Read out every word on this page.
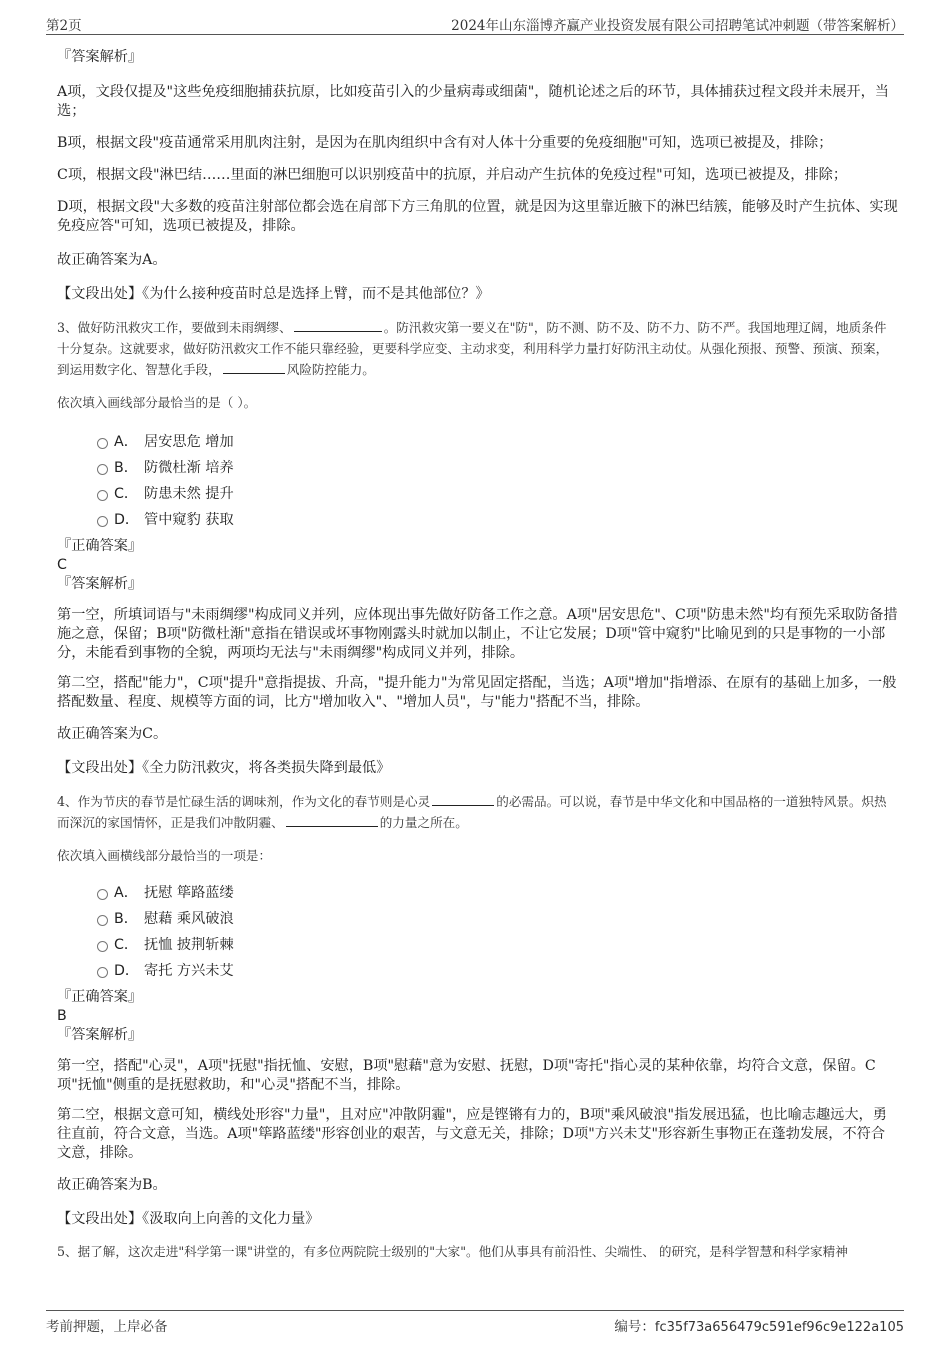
第2页	2024年山东淄博齐赢产业投资发展有限公司招聘笔试冲刺题（带答案解析）

『答案解析』

A项，文段仅提及"这些免疫细胞捕获抗原，比如疫苗引入的少量病毒或细菌"，随机论述之后的环节，具体捕获过程文段并未展开，当选；

B项，根据文段"疫苗通常采用肌肉注射，是因为在肌肉组织中含有对人体十分重要的免疫细胞"可知，选项已被提及，排除；

C项，根据文段"淋巴结……里面的淋巴细胞可以识别疫苗中的抗原，并启动产生抗体的免疫过程"可知，选项已被提及，排除；

D项，根据文段"大多数的疫苗注射部位都会选在肩部下方三角肌的位置，就是因为这里靠近腋下的淋巴结簇，能够及时产生抗体、实现免疫应答"可知，选项已被提及，排除。

故正确答案为A。

【文段出处】《为什么接种疫苗时总是选择上臂，而不是其他部位？》

3、做好防汛救灾工作，要做到未雨绸缪、	。防汛救灾第一要义在"防"，防不测、防不及、防不力、防不严。我国地理辽阔，地质条件十分复杂。这就要求，做好防汛救灾工作不能只靠经验，更要科学应变、主动求变，利用科学力量打好防汛主动仗。从强化预报、预警、预演、预案，到运用数字化、智慧化手段，	风险防控能力。

依次填入画线部分最恰当的是（ ）。

A． 居安思危 增加
B． 防微杜渐 培养
C． 防患未然 提升
D． 管中窥豹 获取

『正确答案』

C

『答案解析』

第一空，所填词语与"未雨绸缪"构成同义并列，应体现出事先做好防备工作之意。A项"居安思危"、C项"防患未然"均有预先采取防备措施之意，保留；B项"防微杜渐"意指在错误或坏事物刚露头时就加以制止，不让它发展；D项"管中窥豹"比喻见到的只是事物的一小部分，未能看到事物的全貌，两项均无法与"未雨绸缪"构成同义并列，排除。

第二空，搭配"能力"，C项"提升"意指提拔、升高，"提升能力"为常见固定搭配，当选；A项"增加"指增添、在原有的基础上加多，一般搭配数量、程度、规模等方面的词，比方"增加收入"、"增加人员"，与"能力"搭配不当，排除。

故正确答案为C。

【文段出处】《全力防汛救灾，将各类损失降到最低》

4、作为节庆的春节是忙碌生活的调味剂，作为文化的春节则是心灵	的必需品。可以说，春节是中华文化和中国品格的一道独特风景。炽热而深沉的家国情怀，正是我们冲散阴霾、	的力量之所在。

依次填入画横线部分最恰当的一项是：

A． 抚慰 筚路蓝缕
B． 慰藉 乘风破浪
C． 抚恤 披荆斩棘
D． 寄托 方兴未艾

『正确答案』

B

『答案解析』

第一空，搭配"心灵"，A项"抚慰"指抚恤、安慰，B项"慰藉"意为安慰、抚慰，D项"寄托"指心灵的某种依靠，均符合文意，保留。C项"抚恤"侧重的是抚慰救助，和"心灵"搭配不当，排除。

第二空，根据文意可知，横线处形容"力量"，且对应"冲散阴霾"，应是铿锵有力的，B项"乘风破浪"指发展迅猛，也比喻志趣远大，勇往直前，符合文意，当选。A项"筚路蓝缕"形容创业的艰苦，与文意无关，排除；D项"方兴未艾"形容新生事物正在蓬勃发展，不符合文意，排除。

故正确答案为B。

【文段出处】《汲取向上向善的文化力量》

5、据了解，这次走进"科学第一课"讲堂的，有多位两院院士级别的"大家"。他们从事具有前沿性、尖端性、 的研究，是科学智慧和科学家精神

考前押题，上岸必备	编号：fc35f73a656479c591ef96c9e122a105
